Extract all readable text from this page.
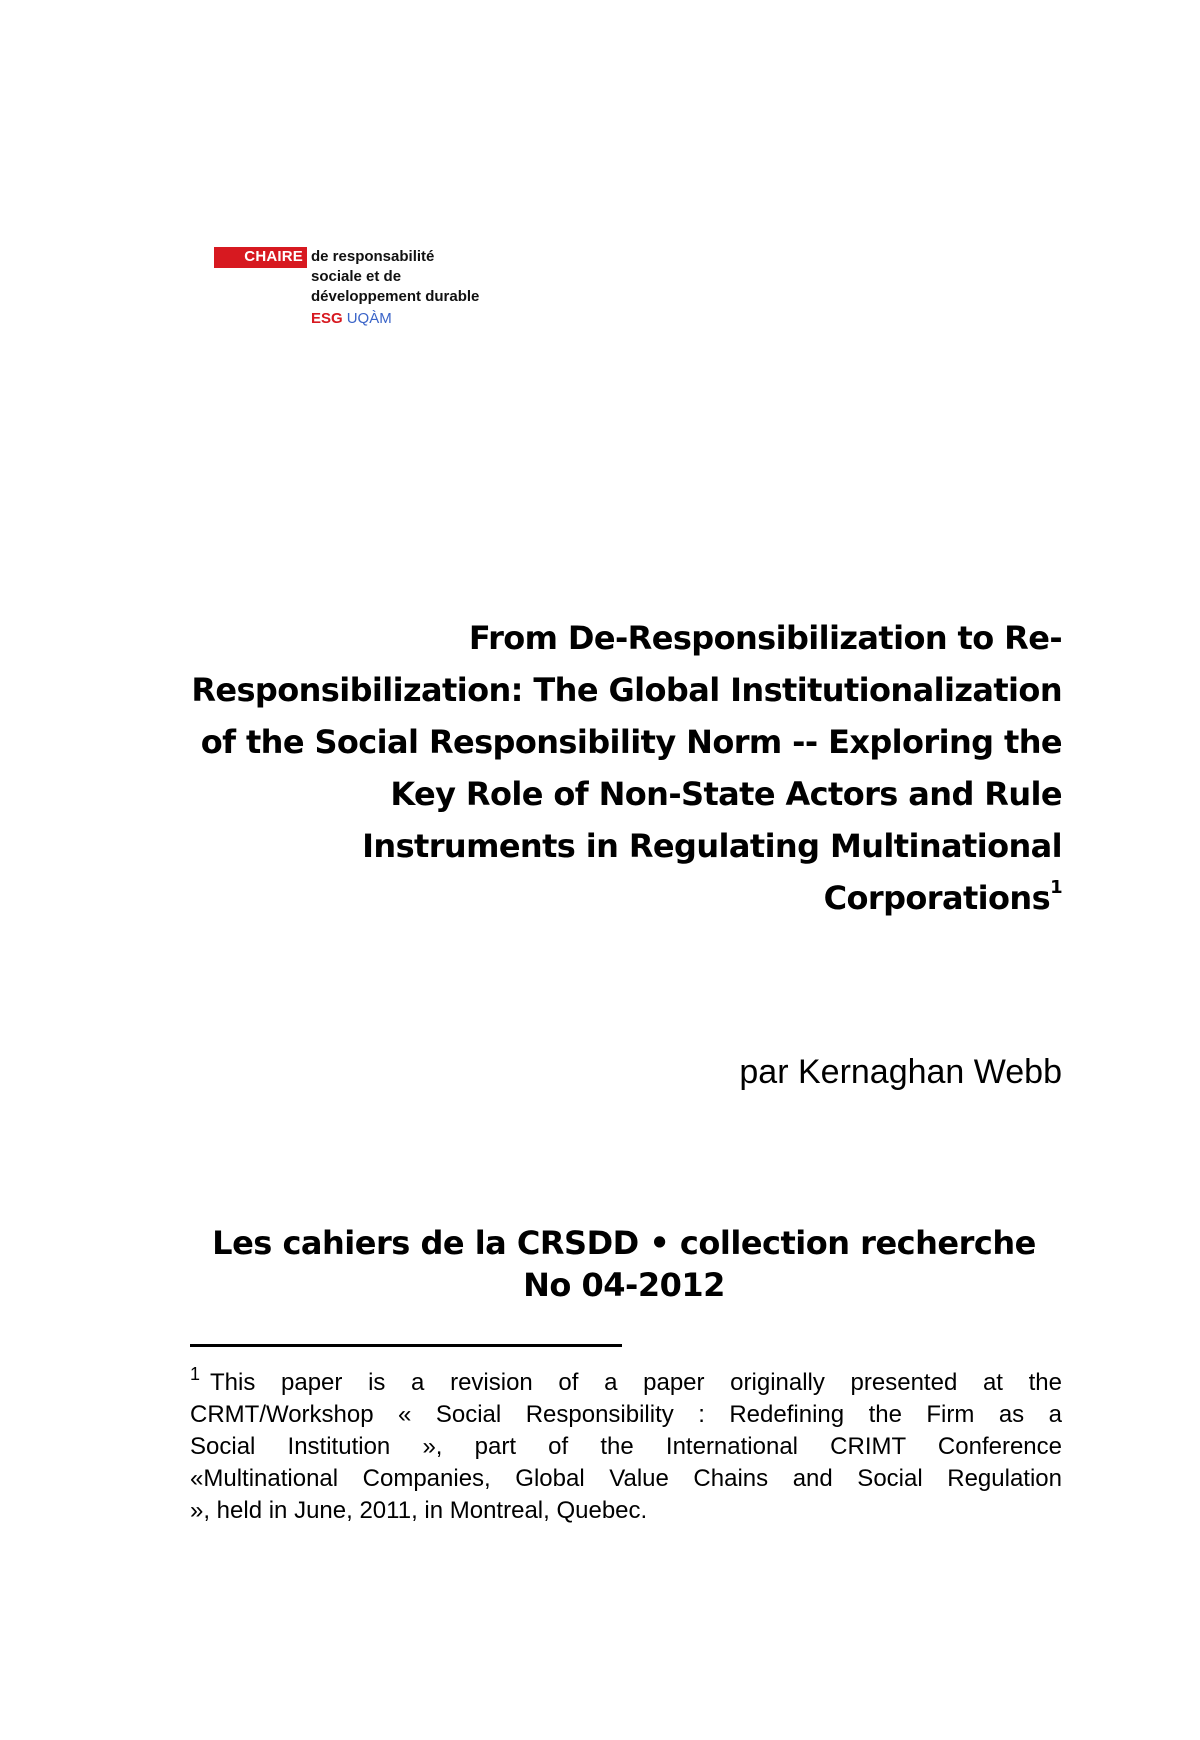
CHAIRE de responsabilité
sociale et de
développement durable
ESG UQÀM
From De-Responsibilization to Re-
Responsibilization: The Global Institutionalization
of the Social Responsibility Norm -- Exploring the
Key Role of Non-State Actors and Rule
Instruments in Regulating Multinational
Corporations$^1$
par Kernaghan Webb
Les cahiers de la CRSDD • collection recherche
No 04-2012
$^1$ This paper is a revision of a paper originally presented at the
CRMT/Workshop « Social Responsibility : Redefining the Firm as a
Social Institution », part of the International CRIMT Conference
«Multinational Companies, Global Value Chains and Social Regulation
», held in June, 2011, in Montreal, Quebec.
